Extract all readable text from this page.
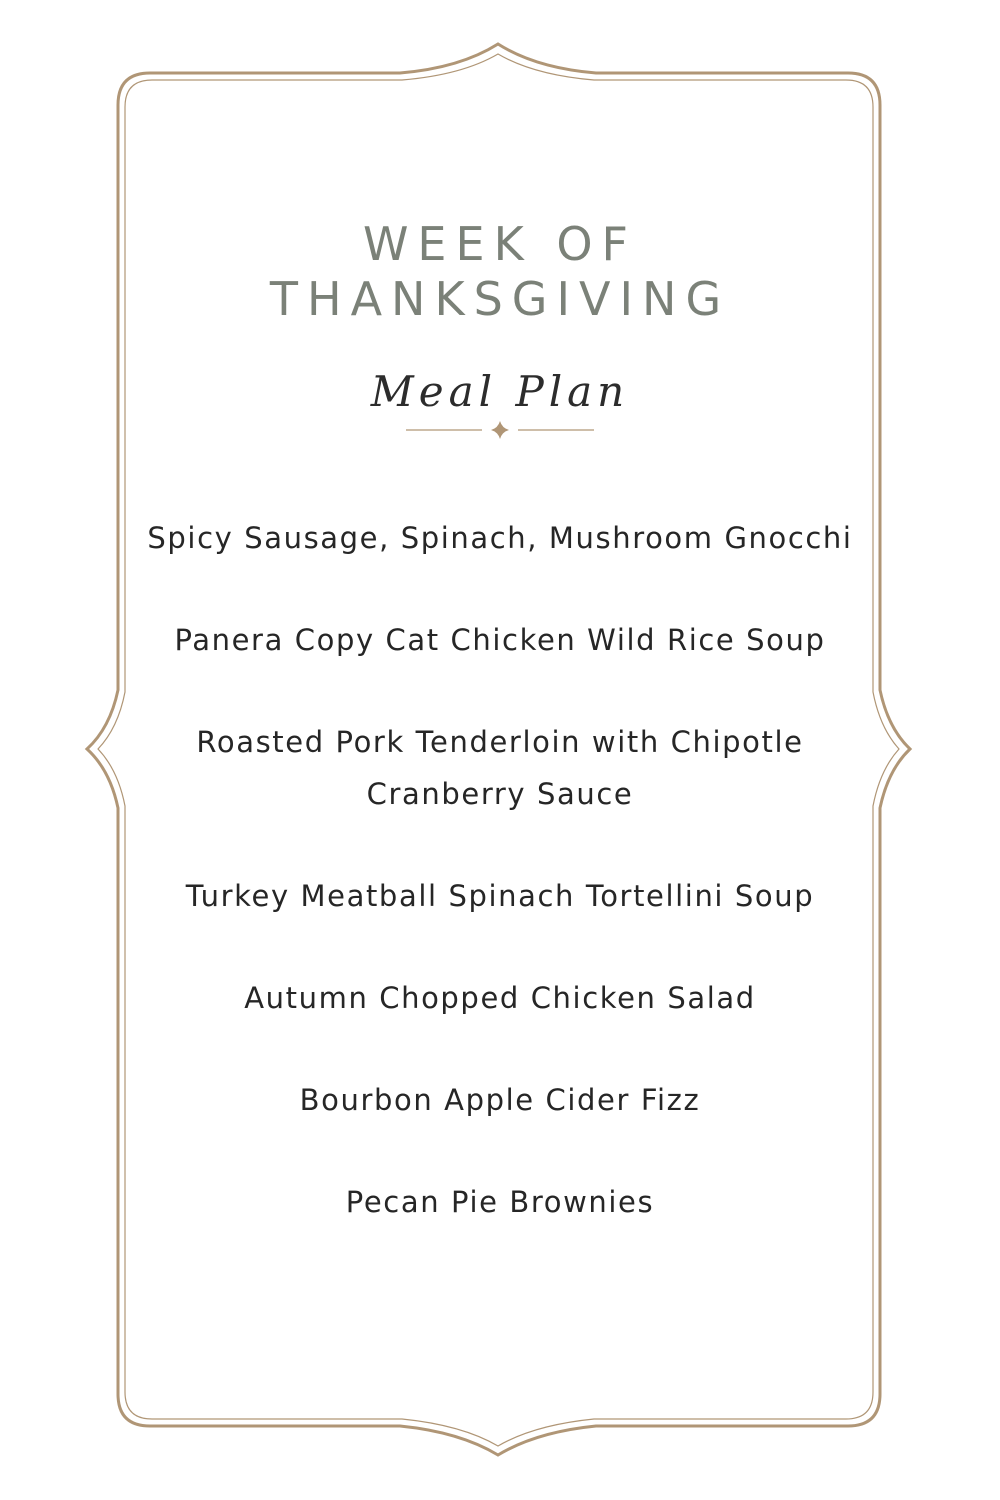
WEEK OF
THANKSGIVING
Meal Plan
Spicy Sausage, Spinach, Mushroom Gnocchi
Panera Copy Cat Chicken Wild Rice Soup
Roasted Pork Tenderloin with Chipotle Cranberry Sauce
Turkey Meatball Spinach Tortellini Soup
Autumn Chopped Chicken Salad
Bourbon Apple Cider Fizz
Pecan Pie Brownies
